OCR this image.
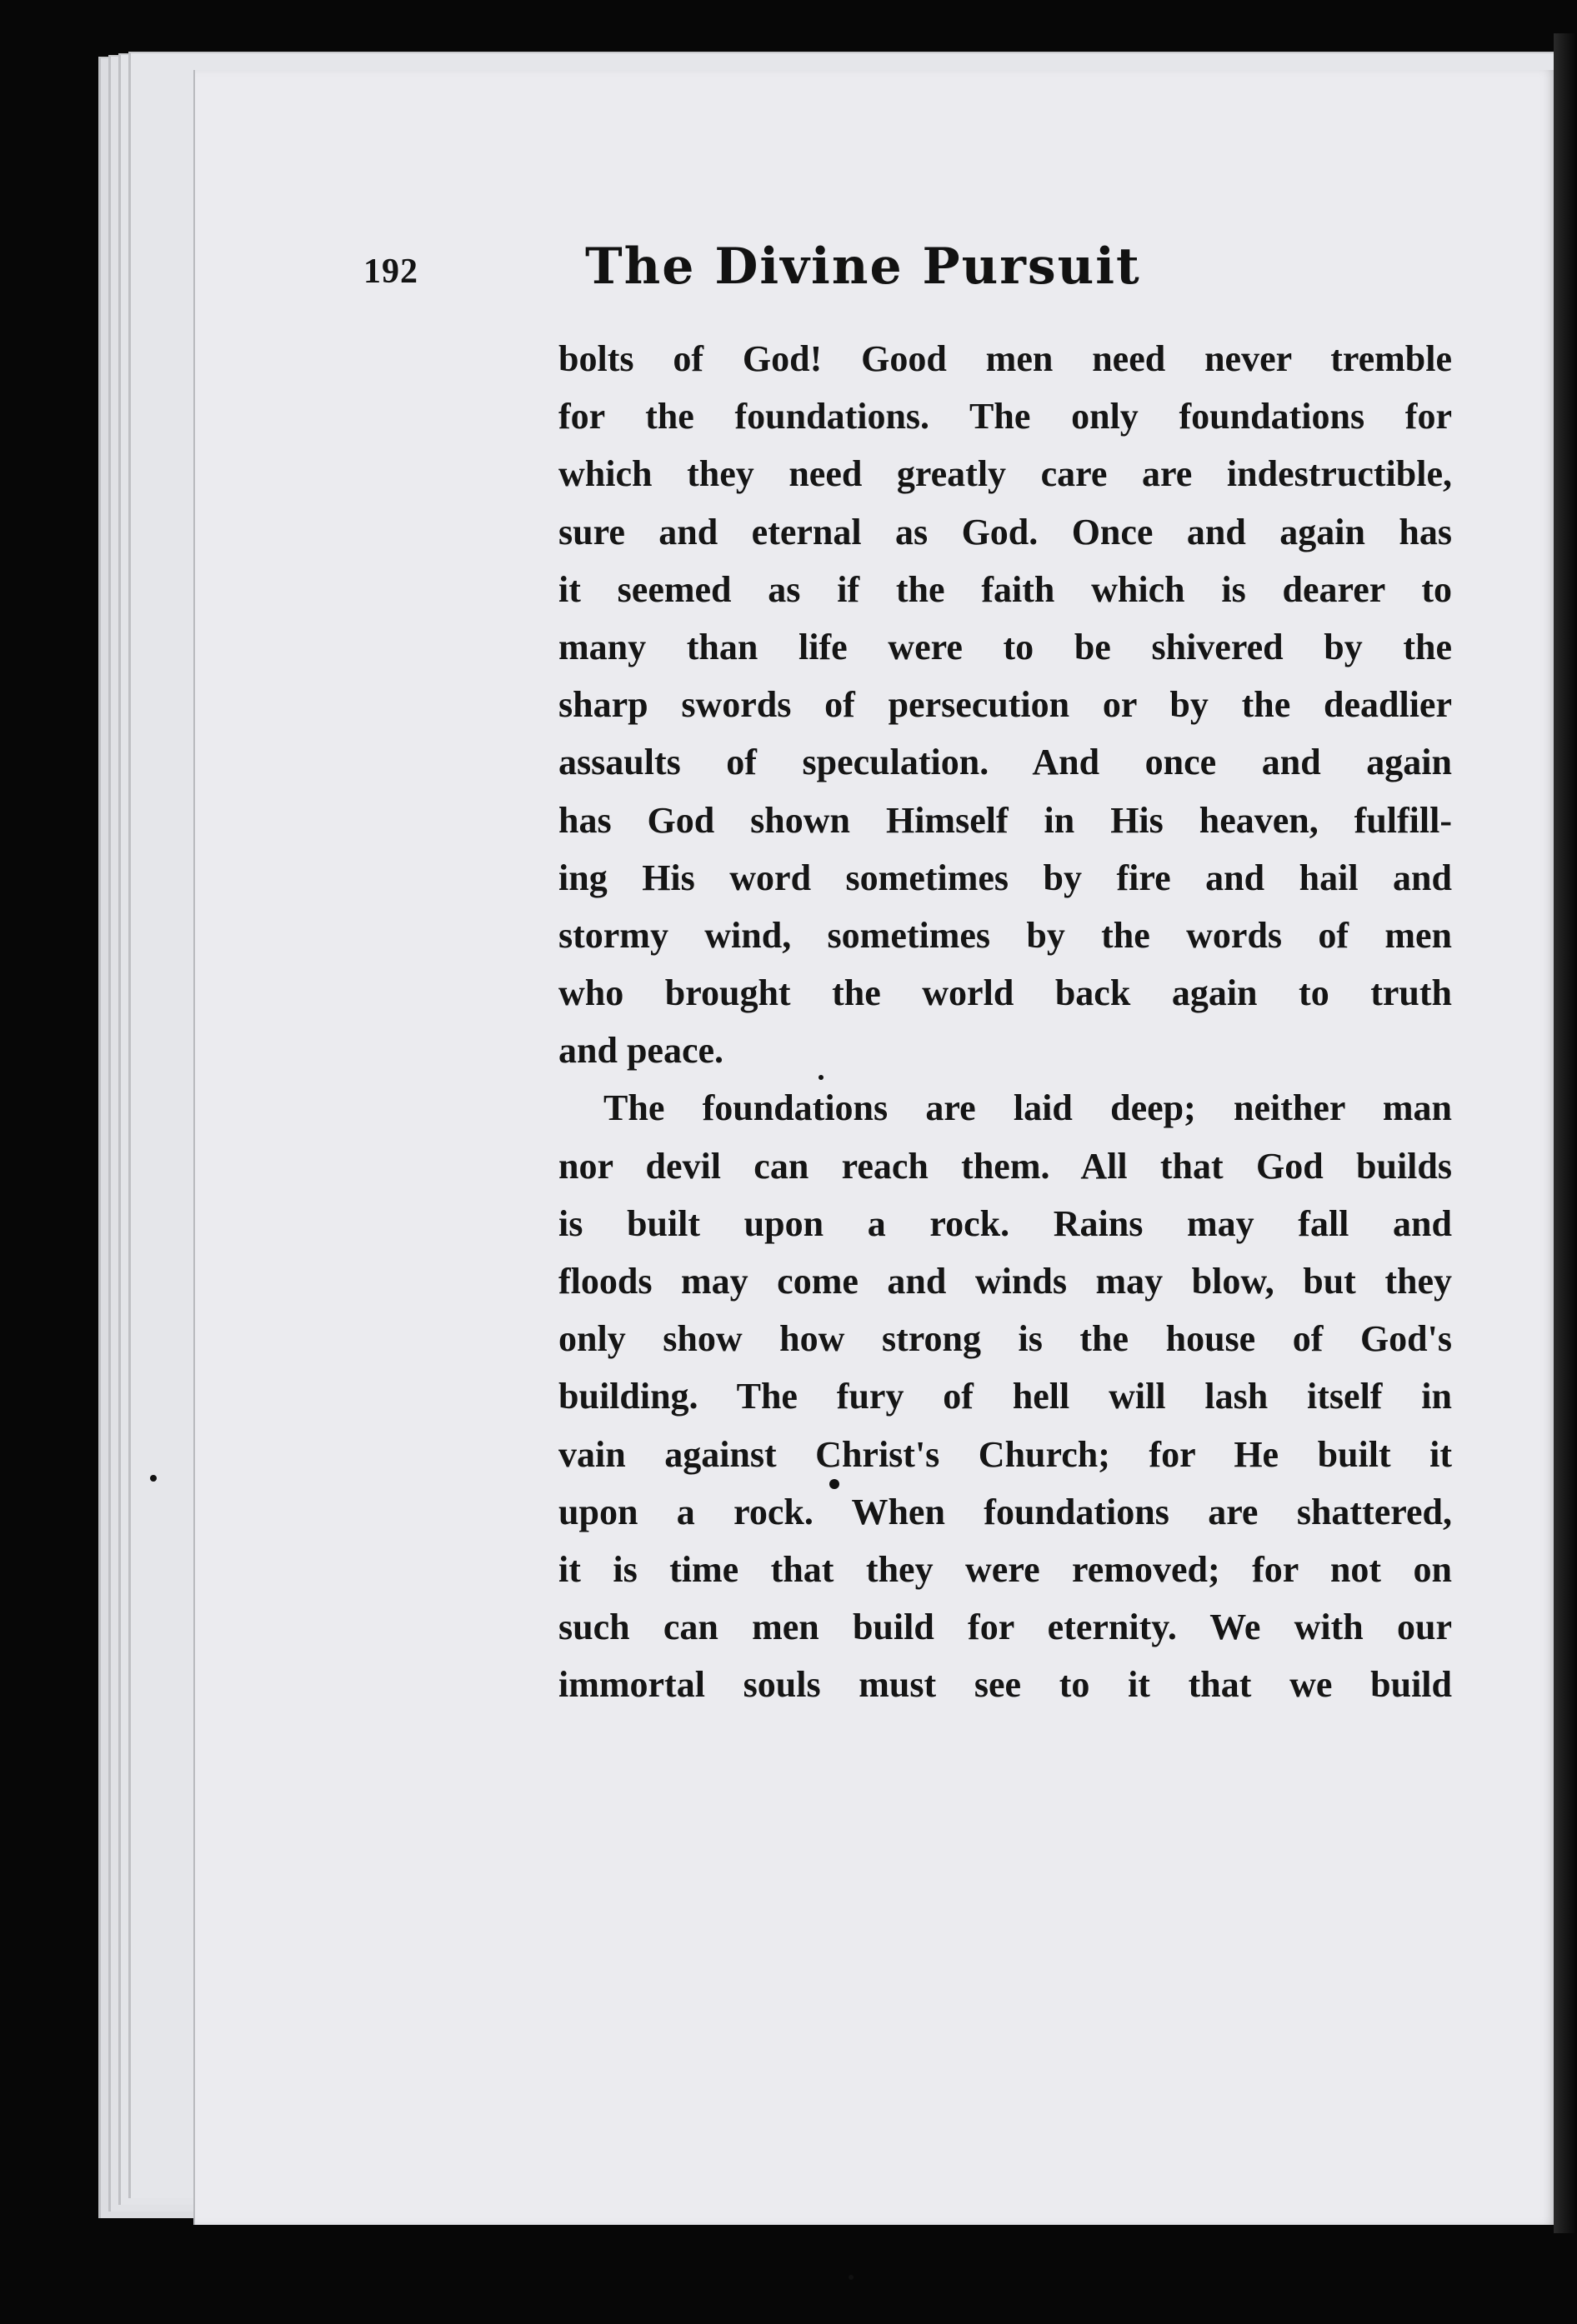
192	The Divine Pursuit
bolts of God! Good men need never tremble
for the foundations. The only foundations for
which they need greatly care are indestructible,
sure and eternal as God. Once and again has
it seemed as if the faith which is dearer to
many than life were to be shivered by the
sharp swords of persecution or by the deadlier
assaults of speculation. And once and again
has God shown Himself in His heaven, fulfill-
ing His word sometimes by fire and hail and
stormy wind, sometimes by the words of men
who brought the world back again to truth
and peace.
The foundations are laid deep; neither man
nor devil can reach them. All that God builds
is built upon a rock. Rains may fall and
floods may come and winds may blow, but they
only show how strong is the house of God's
building. The fury of hell will lash itself in
vain against Christ's Church; for He built it
upon a rock. When foundations are shattered,
it is time that they were removed; for not on
such can men build for eternity. We with our
immortal souls must see to it that we build
